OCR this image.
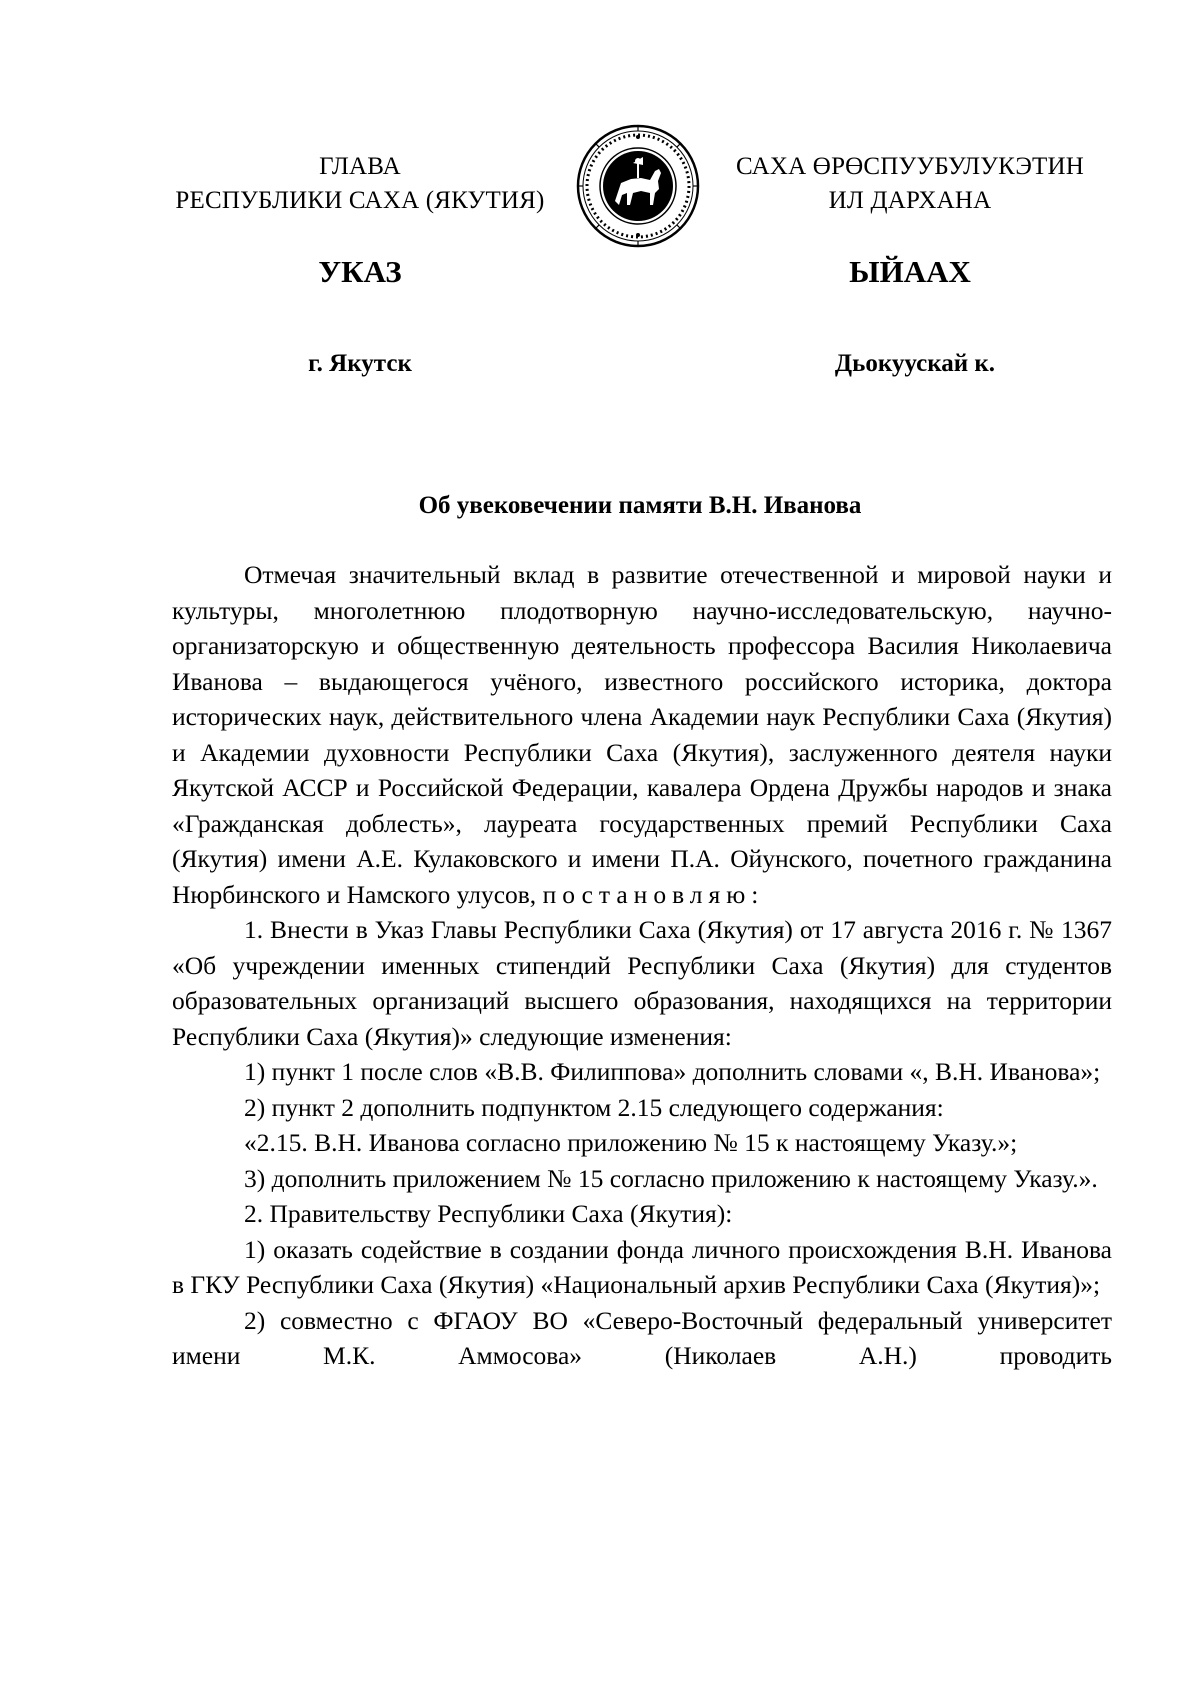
ГЛАВА
РЕСПУБЛИКИ САХА (ЯКУТИЯ)
САХА ӨРӨСПУУБУЛУКЭТИН
ИЛ ДАРХАНА
УКАЗ	ЫЙААХ
г. Якутск	Дьокуускай к.
Об увековечении памяти В.Н. Иванова

Отмечая значительный вклад в развитие отечественной и мировой науки и культуры, многолетнюю плодотворную научно-исследовательскую, научно-организаторскую и общественную деятельность профессора Василия Николаевича Иванова – выдающегося учёного, известного российского историка, доктора исторических наук, действительного члена Академии наук Республики Саха (Якутия) и Академии духовности Республики Саха (Якутия), заслуженного деятеля науки Якутской АССР и Российской Федерации, кавалера Ордена Дружбы народов и знака «Гражданская доблесть», лауреата государственных премий Республики Саха (Якутия) имени А.Е. Кулаковского и имени П.А. Ойунского, почетного гражданина Нюрбинского и Намского улусов, постановляю:

1. Внести в Указ Главы Республики Саха (Якутия) от 17 августа 2016 г. № 1367 «Об учреждении именных стипендий Республики Саха (Якутия) для студентов образовательных организаций высшего образования, находящихся на территории Республики Саха (Якутия)» следующие изменения:

1) пункт 1 после слов «В.В. Филиппова» дополнить словами «, В.Н. Иванова»;

2) пункт 2 дополнить подпунктом 2.15 следующего содержания:

«2.15. В.Н. Иванова согласно приложению № 15 к настоящему Указу.»;

3) дополнить приложением № 15 согласно приложению к настоящему Указу.».

2. Правительству Республики Саха (Якутия):

1) оказать содействие в создании фонда личного происхождения В.Н. Иванова в ГКУ Республики Саха (Якутия) «Национальный архив Республики Саха (Якутия)»;

2) совместно с ФГАОУ ВО «Северо-Восточный федеральный университет имени М.К. Аммосова» (Николаев А.Н.) проводить
